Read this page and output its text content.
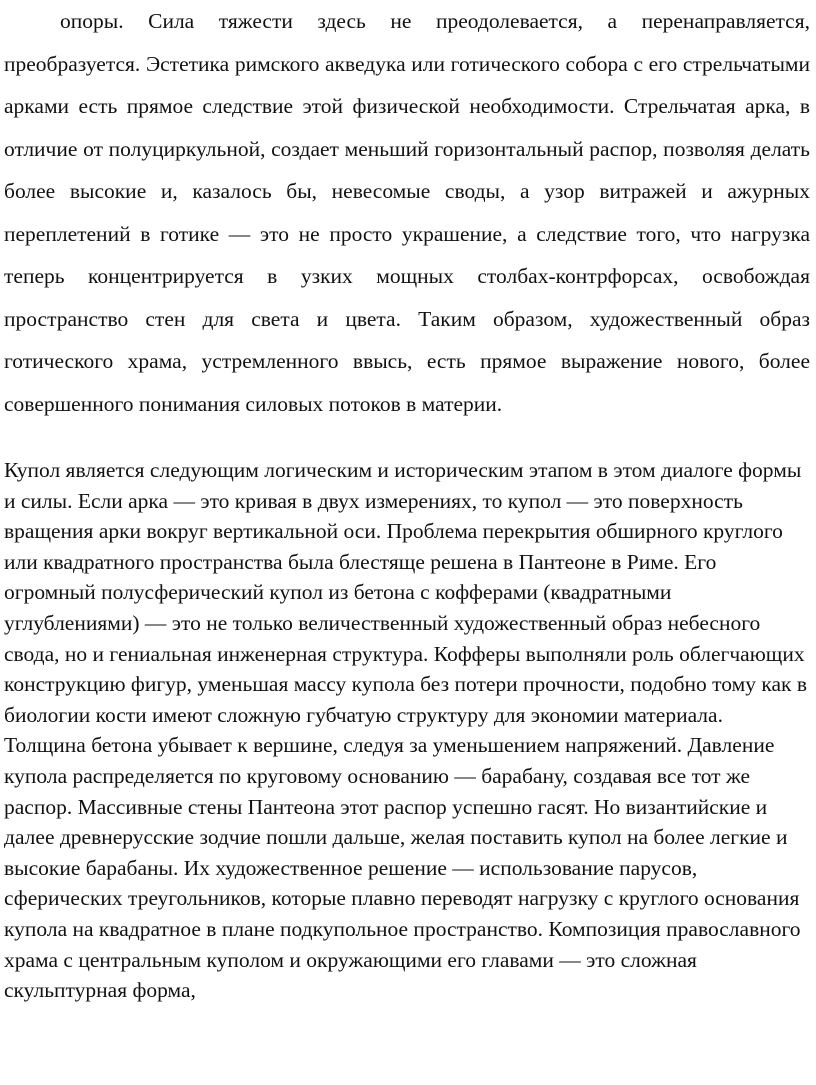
опоры. Сила тяжести здесь не преодолевается, а перенаправляется, преобразуется. Эстетика римского акведука или готического собора с его стрельчатыми арками есть прямое следствие этой физической необходимости. Стрельчатая арка, в отличие от полуциркульной, создает меньший горизонтальный распор, позволяя делать более высокие и, казалось бы, невесомые своды, а узор витражей и ажурных переплетений в готике — это не просто украшение, а следствие того, что нагрузка теперь концентрируется в узких мощных столбах-контрфорсах, освобождая пространство стен для света и цвета. Таким образом, художественный образ готического храма, устремленного ввысь, есть прямое выражение нового, более совершенного понимания силовых потоков в материи.

Купол является следующим логическим и историческим этапом в этом диалоге формы и силы. Если арка — это кривая в двух измерениях, то купол — это поверхность вращения арки вокруг вертикальной оси. Проблема перекрытия обширного круглого или квадратного пространства была блестяще решена в Пантеоне в Риме. Его огромный полусферический купол из бетона с кофферами (квадратными углублениями) — это не только величественный художественный образ небесного свода, но и гениальная инженерная структура. Кофферы выполняли роль облегчающих конструкцию фигур, уменьшая массу купола без потери прочности, подобно тому как в биологии кости имеют сложную губчатую структуру для экономии материала. Толщина бетона убывает к вершине, следуя за уменьшением напряжений. Давление купола распределяется по круговому основанию — барабану, создавая все тот же распор. Массивные стены Пантеона этот распор успешно гасят. Но византийские и далее древнерусские зодчие пошли дальше, желая поставить купол на более легкие и высокие барабаны. Их художественное решение — использование парусов, сферических треугольников, которые плавно переводят нагрузку с круглого основания купола на квадратное в плане подкупольное пространство. Композиция православного храма с центральным куполом и окружающими его главами — это сложная скульптурная форма,
